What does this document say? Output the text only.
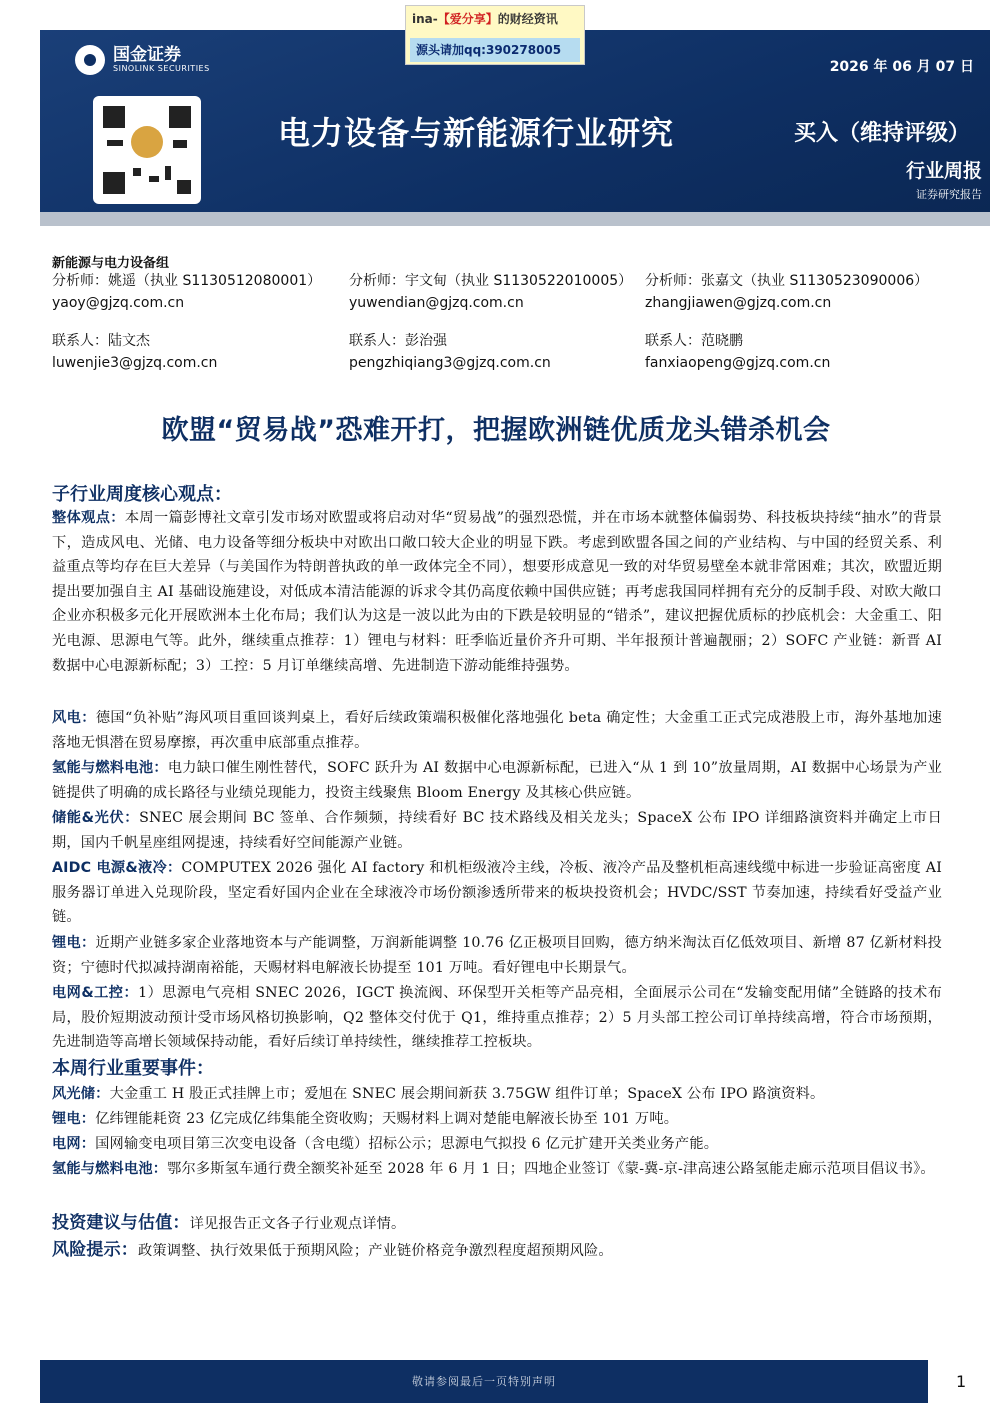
国金证券
SINOLINK SECURITIES
电力设备与新能源行业研究
2026 年 06 月 07 日
买入（维持评级）
行业周报
证券研究报告
ina-【爱分享】的财经资讯
源头请加qq:390278005
新能源与电力设备组
分析师：姚遥（执业 S1130512080001）
yaoy@gjzq.com.cn
分析师：宇文甸（执业 S1130522010005）
yuwendian@gjzq.com.cn
分析师：张嘉文（执业 S1130523090006）
zhangjiawen@gjzq.com.cn
联系人：陆文杰
luwenjie3@gjzq.com.cn
联系人：彭治强
pengzhiqiang3@gjzq.com.cn
联系人：范晓鹏
fanxiaopeng@gjzq.com.cn
欧盟“贸易战”恐难开打，把握欧洲链优质龙头错杀机会
子行业周度核心观点：
整体观点：本周一篇彭博社文章引发市场对欧盟或将启动对华“贸易战”的强烈恐慌，并在市场本就整体偏弱势、科技板块持续“抽水”的背景下，造成风电、光储、电力设备等细分板块中对欧出口敞口较大企业的明显下跌。考虑到欧盟各国之间的产业结构、与中国的经贸关系、利益重点等均存在巨大差异（与美国作为特朗普执政的单一政体完全不同），想要形成意见一致的对华贸易壁垒本就非常困难；其次，欧盟近期提出要加强自主 AI 基础设施建设，对低成本清洁能源的诉求令其仍高度依赖中国供应链；再考虑我国同样拥有充分的反制手段、对欧大敞口企业亦积极多元化开展欧洲本土化布局；我们认为这是一波以此为由的下跌是较明显的“错杀”，建议把握优质标的抄底机会：大金重工、阳光电源、思源电气等。此外，继续重点推荐：1）锂电与材料：旺季临近量价齐升可期、半年报预计普遍靓丽；2）SOFC 产业链：新晋 AI 数据中心电源新标配；3）工控：5 月订单继续高增、先进制造下游动能维持强势。
风电：德国“负补贴”海风项目重回谈判桌上，看好后续政策端积极催化落地强化 beta 确定性；大金重工正式完成港股上市，海外基地加速落地无惧潜在贸易摩擦，再次重申底部重点推荐。
氢能与燃料电池：电力缺口催生刚性替代，SOFC 跃升为 AI 数据中心电源新标配，已进入“从 1 到 10”放量周期，AI 数据中心场景为产业链提供了明确的成长路径与业绩兑现能力，投资主线聚焦 Bloom Energy 及其核心供应链。
储能&光伏：SNEC 展会期间 BC 签单、合作频频，持续看好 BC 技术路线及相关龙头；SpaceX 公布 IPO 详细路演资料并确定上市日期，国内千帆星座组网提速，持续看好空间能源产业链。
AIDC 电源&液冷：COMPUTEX 2026 强化 AI factory 和机柜级液冷主线，冷板、液冷产品及整机柜高速线缆中标进一步验证高密度 AI 服务器订单进入兑现阶段，坚定看好国内企业在全球液冷市场份额渗透所带来的板块投资机会；HVDC/SST 节奏加速，持续看好受益产业链。
锂电：近期产业链多家企业落地资本与产能调整，万润新能调整 10.76 亿正极项目回购，德方纳米淘汰百亿低效项目、新增 87 亿新材料投资；宁德时代拟减持湖南裕能，天赐材料电解液长协提至 101 万吨。看好锂电中长期景气。
电网&工控：1）思源电气亮相 SNEC 2026，IGCT 换流阀、环保型开关柜等产品亮相，全面展示公司在“发输变配用储”全链路的技术布局，股价短期波动预计受市场风格切换影响，Q2 整体交付优于 Q1，维持重点推荐；2）5 月头部工控公司订单持续高增，符合市场预期，先进制造等高增长领域保持动能，看好后续订单持续性，继续推荐工控板块。
本周行业重要事件：
风光储：大金重工 H 股正式挂牌上市；爱旭在 SNEC 展会期间新获 3.75GW 组件订单；SpaceX 公布 IPO 路演资料。
锂电：亿纬锂能耗资 23 亿完成亿纬集能全资收购；天赐材料上调对楚能电解液长协至 101 万吨。
电网：国网输变电项目第三次变电设备（含电缆）招标公示；思源电气拟投 6 亿元扩建开关类业务产能。
氢能与燃料电池：鄂尔多斯氢车通行费全额奖补延至 2028 年 6 月 1 日；四地企业签订《蒙-冀-京-津高速公路氢能走廊示范项目倡议书》。
投资建议与估值：详见报告正文各子行业观点详情。
风险提示：政策调整、执行效果低于预期风险；产业链价格竞争激烈程度超预期风险。
敬请参阅最后一页特别声明	1
